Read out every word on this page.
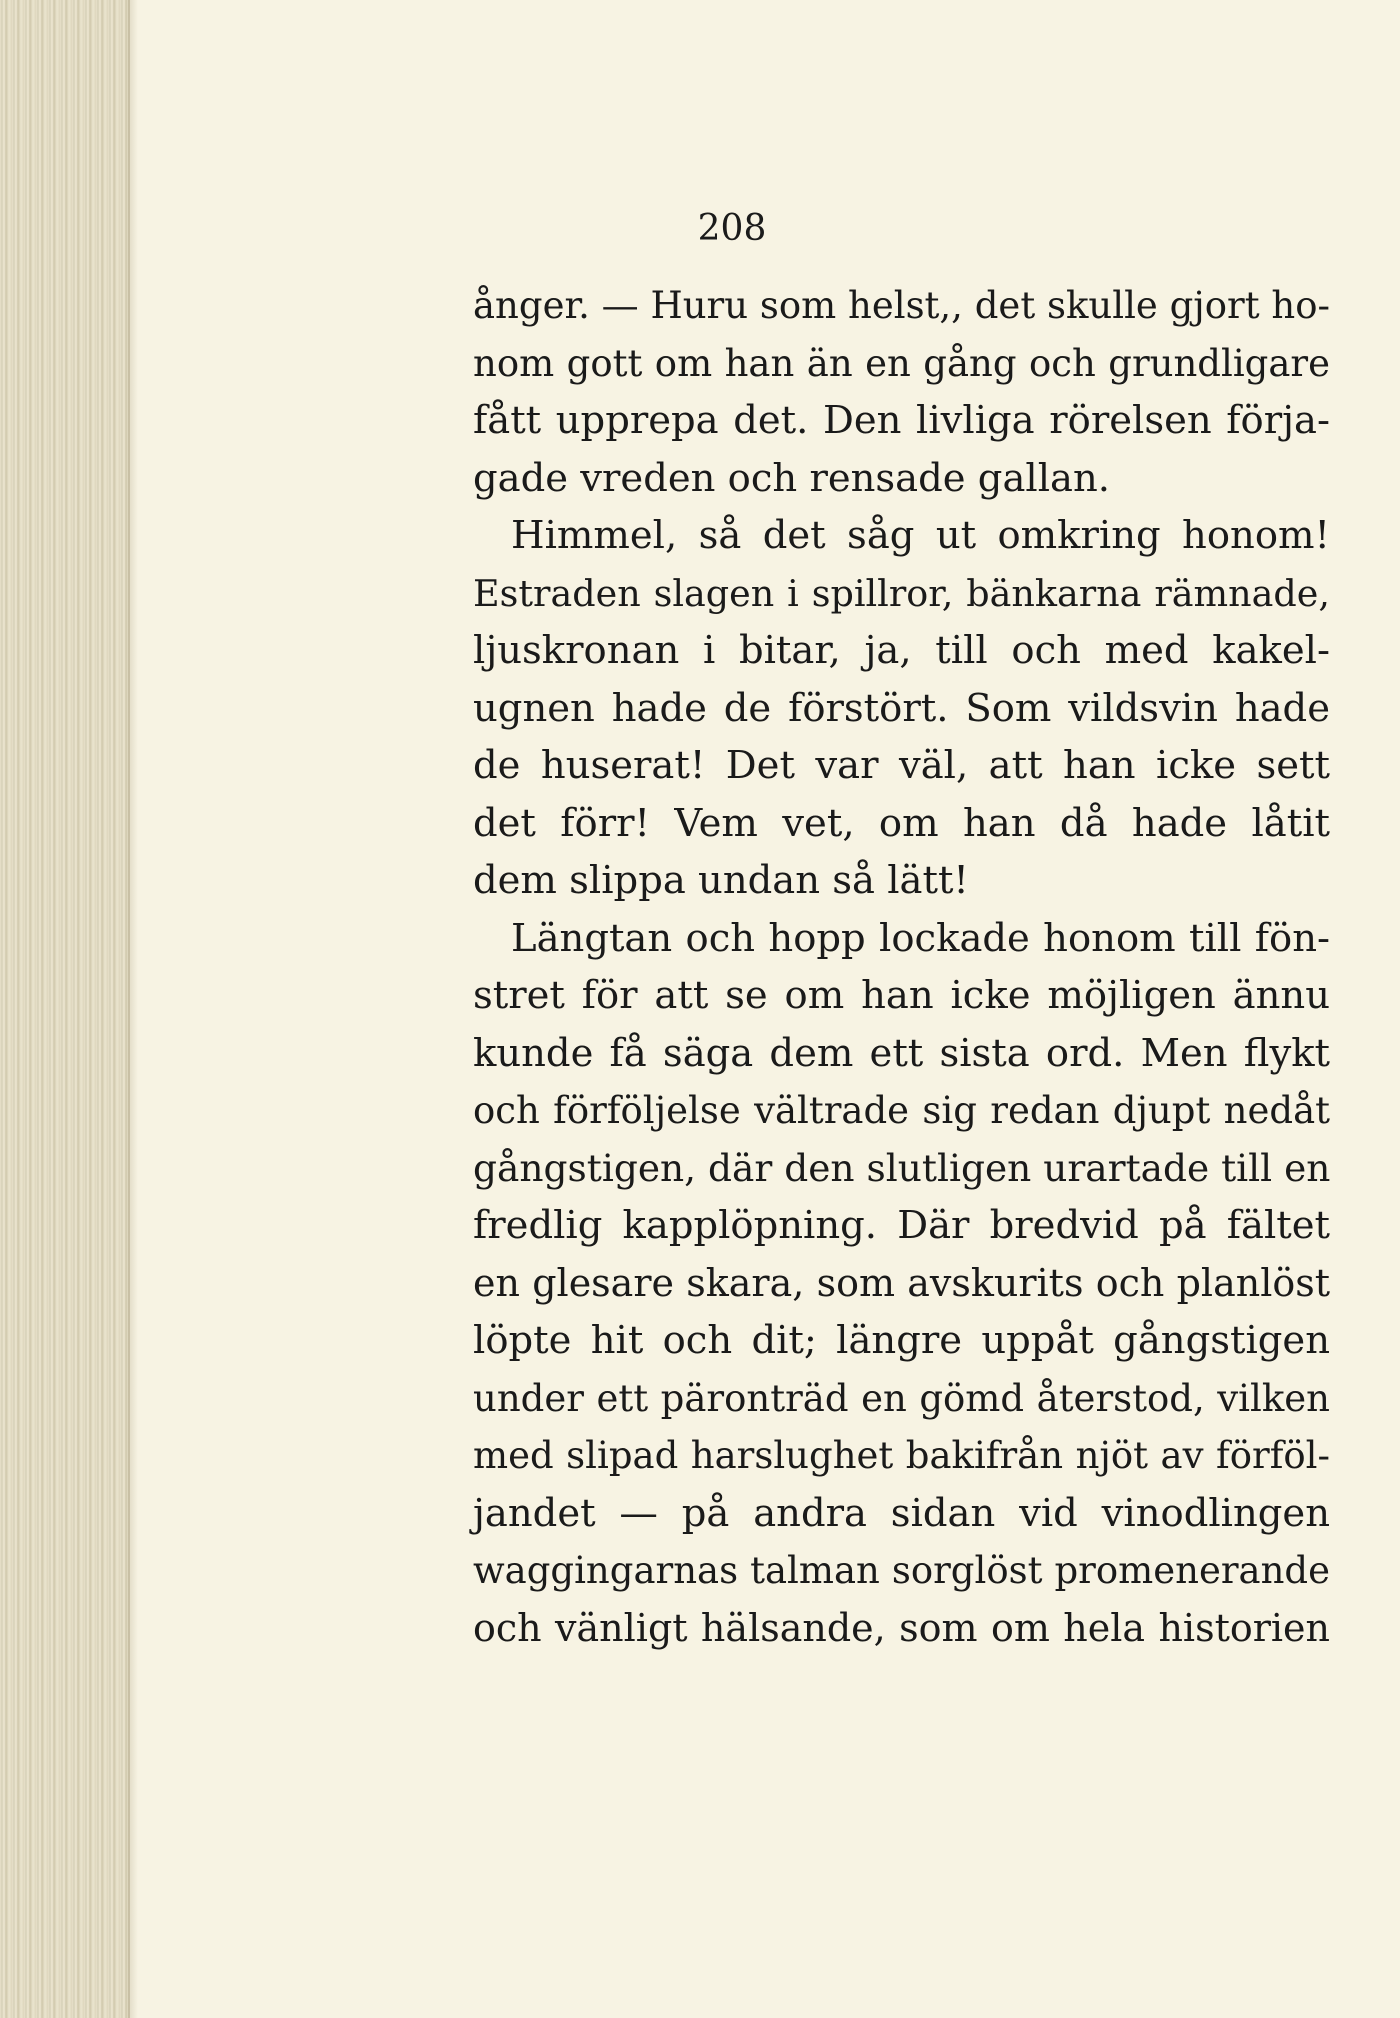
208
ånger. — Huru som helst,, det skulle gjort ho-
nom gott om han än en gång och grundligare
fått upprepa det. Den livliga rörelsen förja-
gade vreden och rensade gallan.
Himmel, så det såg ut omkring honom!
Estraden slagen i spillror, bänkarna rämnade,
ljuskronan i bitar, ja, till och med kakel-
ugnen hade de förstört. Som vildsvin hade
de huserat! Det var väl, att han icke sett
det förr! Vem vet, om han då hade låtit
dem slippa undan så lätt!
Längtan och hopp lockade honom till fön-
stret för att se om han icke möjligen ännu
kunde få säga dem ett sista ord. Men flykt
och förföljelse vältrade sig redan djupt nedåt
gångstigen, där den slutligen urartade till en
fredlig kapplöpning. Där bredvid på fältet
en glesare skara, som avskurits och planlöst
löpte hit och dit; längre uppåt gångstigen
under ett päronträd en gömd återstod, vilken
med slipad harslughet bakifrån njöt av förföl-
jandet — på andra sidan vid vinodlingen
waggingarnas talman sorglöst promenerande
och vänligt hälsande, som om hela historien
